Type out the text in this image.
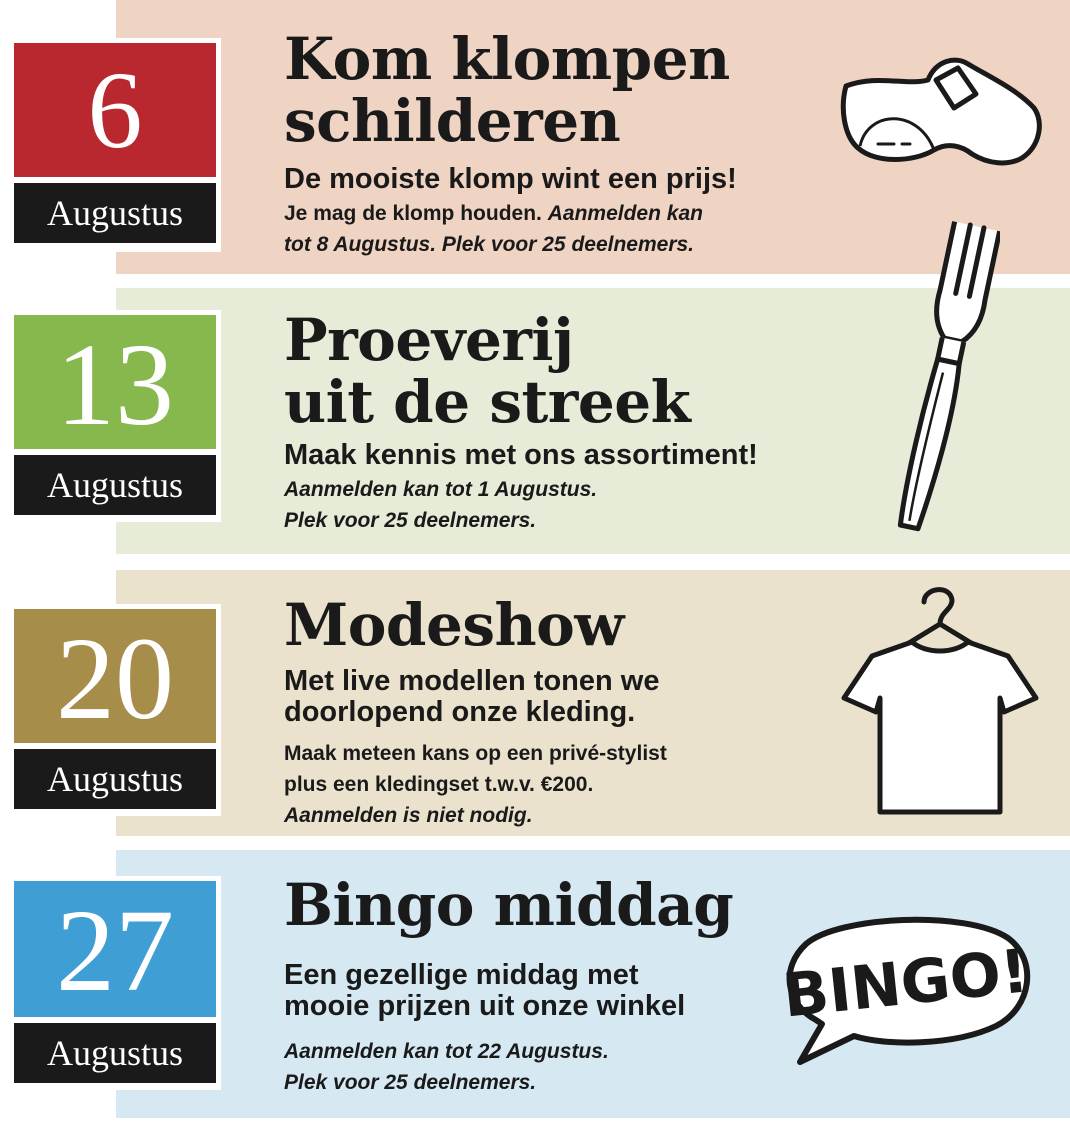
6
Augustus
Kom klompen
schilderen

De mooiste klomp wint een prijs!

Je mag de klomp houden. Aanmelden kan
tot 8 Augustus. Plek voor 25 deelnemers.

13
Augustus
Proeverij
uit de streek

Maak kennis met ons assortiment!

Aanmelden kan tot 1 Augustus.
Plek voor 25 deelnemers.

20
Augustus
Modeshow

Met live modellen tonen we
doorlopend onze kleding.

Maak meteen kans op een privé-stylist
plus een kledingset t.w.v. €200.
Aanmelden is niet nodig.

27
Augustus
Bingo middag

Een gezellige middag met
mooie prijzen uit onze winkel

Aanmelden kan tot 22 Augustus.
Plek voor 25 deelnemers.

BINGO!
